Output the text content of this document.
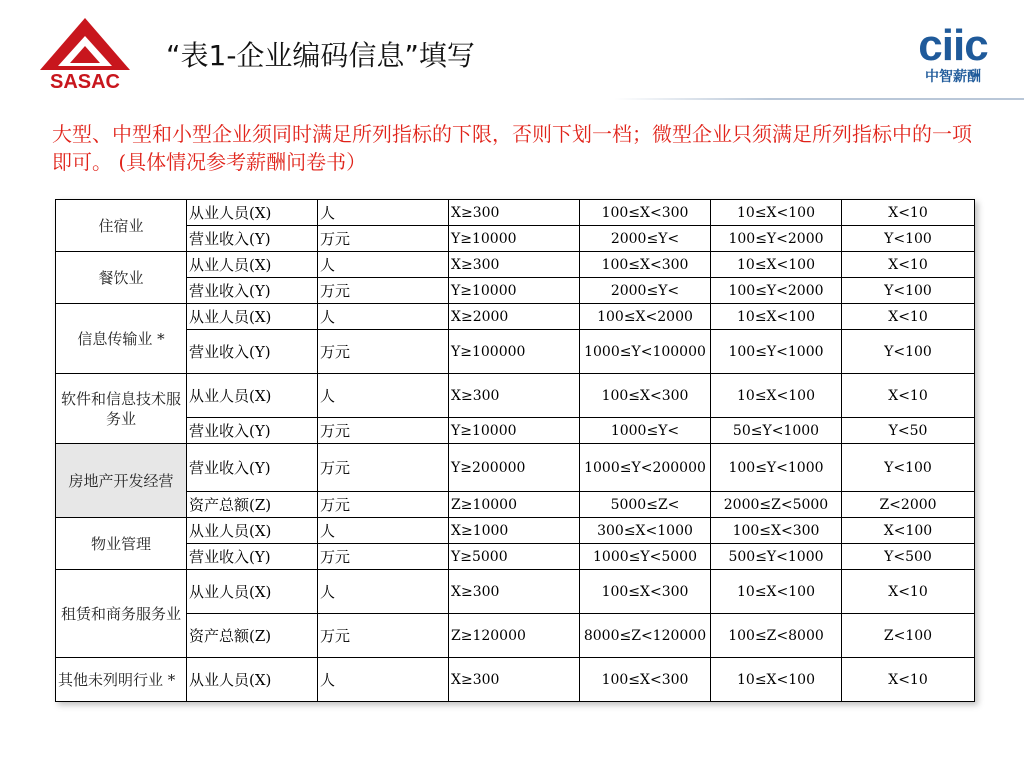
SASAC
“表1-企业编码信息”填写	ciic
中智薪酬
大型、中型和小型企业须同时满足所列指标的下限，否则下划一档；微型企业只须满足所列指标中的一项即可。 (具体情况参考薪酬问卷书）
住宿业	从业人员(X)	人	X≥300	100≤X<300	10≤X<100	X<10
	营业收入(Y)	万元	Y≥10000	2000≤Y<	100≤Y<2000	Y<100
餐饮业	从业人员(X)	人	X≥300	100≤X<300	10≤X<100	X<10
	营业收入(Y)	万元	Y≥10000	2000≤Y<	100≤Y<2000	Y<100
信息传输业 *	从业人员(X)	人	X≥2000	100≤X<2000	10≤X<100	X<10
	营业收入(Y)	万元	Y≥100000	1000≤Y<100000	100≤Y<1000	Y<100
软件和信息技术服务业	从业人员(X)	人	X≥300	100≤X<300	10≤X<100	X<10
	营业收入(Y)	万元	Y≥10000	1000≤Y<	50≤Y<1000	Y<50
房地产开发经营	营业收入(Y)	万元	Y≥200000	1000≤Y<200000	100≤Y<1000	Y<100
	资产总额(Z)	万元	Z≥10000	5000≤Z<	2000≤Z<5000	Z<2000
物业管理	从业人员(X)	人	X≥1000	300≤X<1000	100≤X<300	X<100
	营业收入(Y)	万元	Y≥5000	1000≤Y<5000	500≤Y<1000	Y<500
租赁和商务服务业	从业人员(X)	人	X≥300	100≤X<300	10≤X<100	X<10
	资产总额(Z)	万元	Z≥120000	8000≤Z<120000	100≤Z<8000	Z<100
其他未列明行业 *	从业人员(X)	人	X≥300	100≤X<300	10≤X<100	X<10
